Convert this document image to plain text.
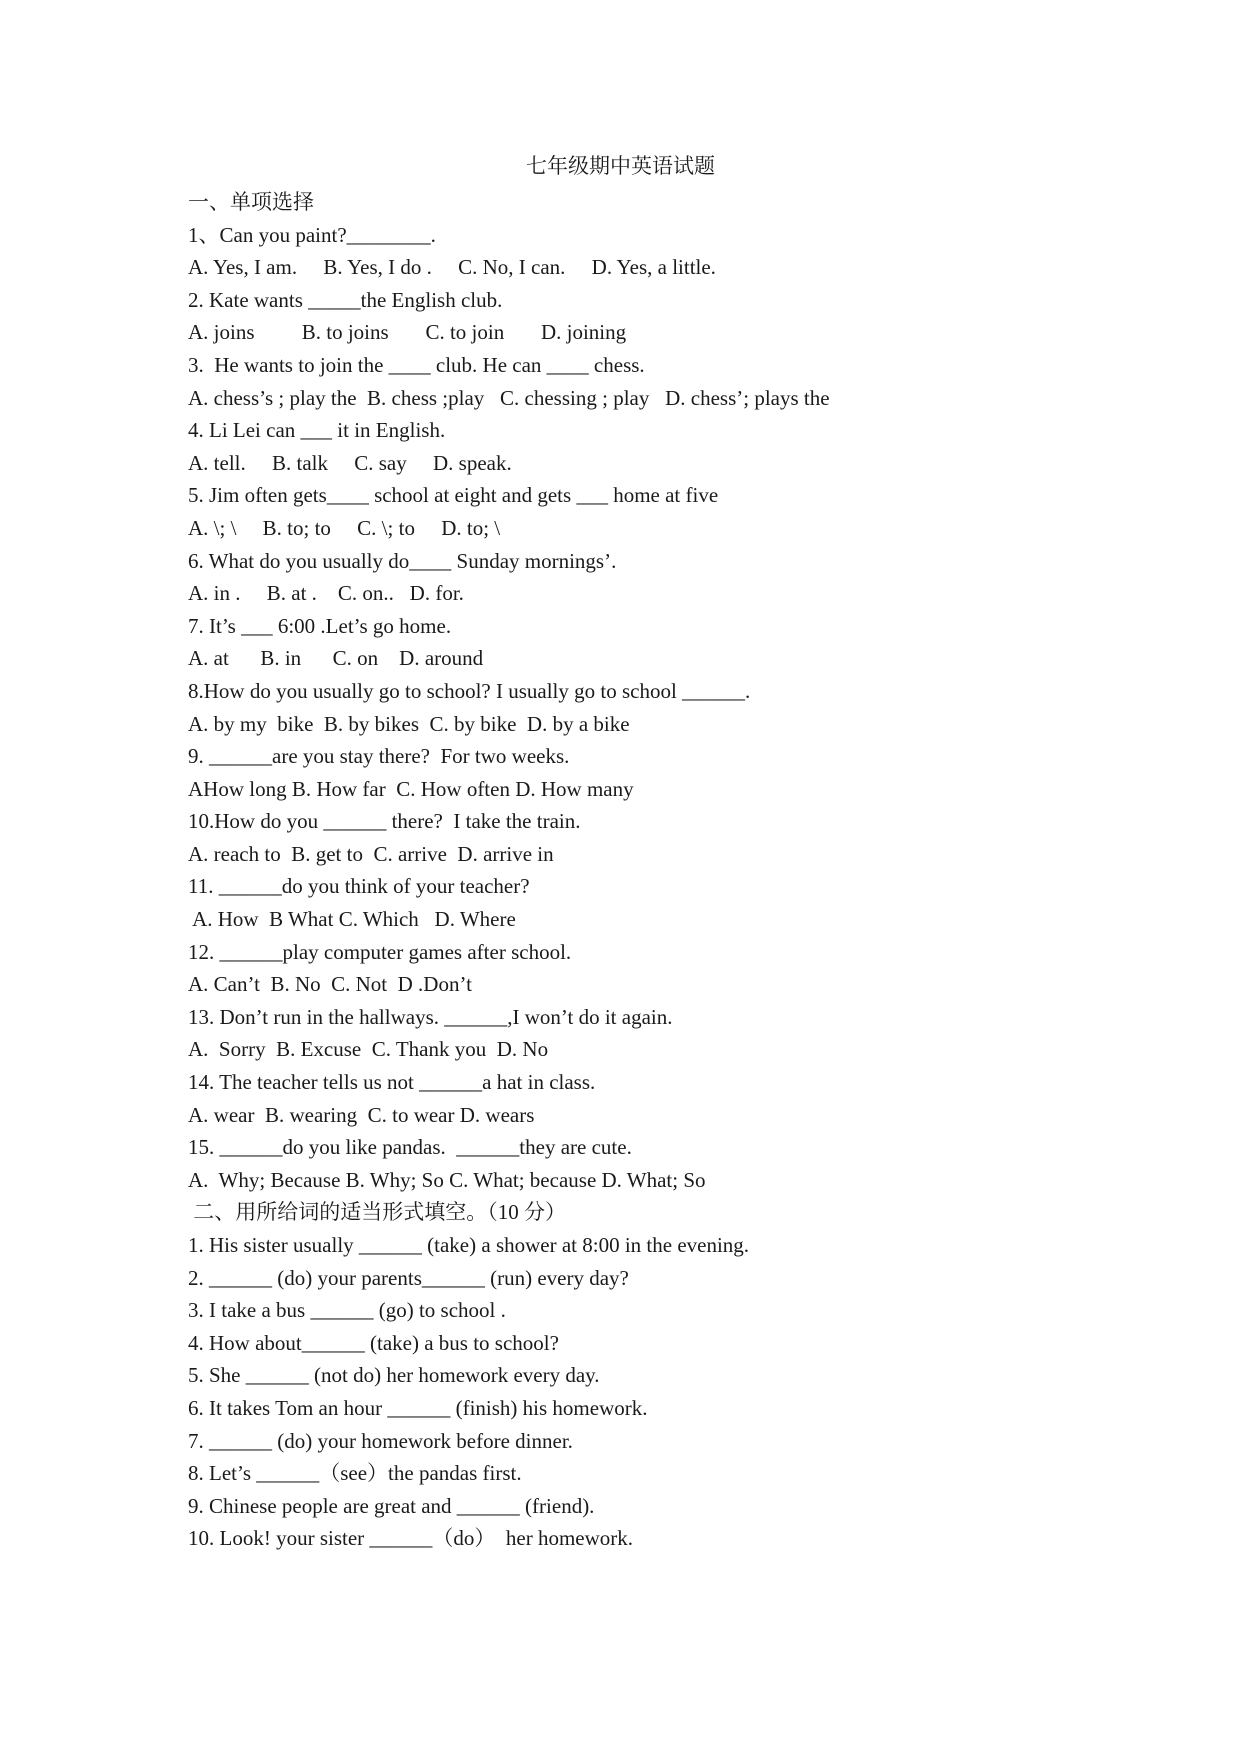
七年级期中英语试题
一、单项选择
1、Can you paint?________.
A. Yes, I am.     B. Yes, I do .     C. No, I can.     D. Yes, a little.
2. Kate wants _____the English club.
A. joins         B. to joins       C. to join       D. joining
3.  He wants to join the ____ club. He can ____ chess.
A. chess’s ; play the  B. chess ;play   C. chessing ; play   D. chess’; plays the
4. Li Lei can ___ it in English.
A. tell.     B. talk     C. say     D. speak.
5. Jim often gets____ school at eight and gets ___ home at five
A. \; \     B. to; to     C. \; to     D. to; \
6. What do you usually do____ Sunday mornings’.
A. in .     B. at .    C. on..   D. for.
7. It’s ___ 6:00 .Let’s go home.
A. at      B. in      C. on    D. around
8.How do you usually go to school? I usually go to school ______.
A. by my  bike  B. by bikes  C. by bike  D. by a bike
9. ______are you stay there?  For two weeks.
AHow long B. How far  C. How often D. How many
10.How do you ______ there?  I take the train.
A. reach to  B. get to  C. arrive  D. arrive in
11. ______do you think of your teacher?
A. How  B What C. Which   D. Where
12. ______play computer games after school.
A. Can’t  B. No  C. Not  D .Don’t
13. Don’t run in the hallways. ______,I won’t do it again.
A.  Sorry  B. Excuse  C. Thank you  D. No
14. The teacher tells us not ______a hat in class.
A. wear  B. wearing  C. to wear D. wears
15. ______do you like pandas.  ______they are cute.
A.  Why; Because B. Why; So C. What; because D. What; So
二、用所给词的适当形式填空。（10 分）
1. His sister usually ______ (take) a shower at 8:00 in the evening.
2. ______ (do) your parents______ (run) every day?
3. I take a bus ______ (go) to school .
4. How about______ (take) a bus to school?
5. She ______ (not do) her homework every day.
6. It takes Tom an hour ______ (finish) his homework.
7. ______ (do) your homework before dinner.
8. Let’s ______（see）the pandas first.
9. Chinese people are great and ______ (friend).
10. Look! your sister ______（do）  her homework.
